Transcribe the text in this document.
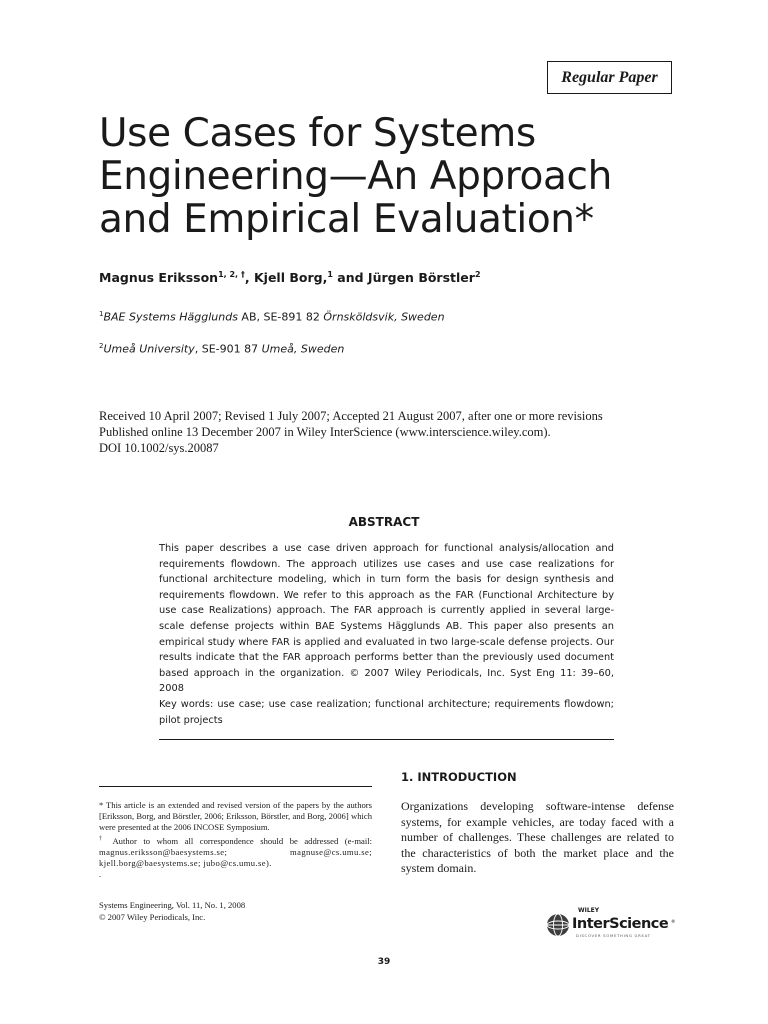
Regular Paper
Use Cases for Systems
Engineering—An Approach
and Empirical Evaluation*
Magnus Eriksson$^{1, 2, \dagger}$, Kjell Borg,$^1$ and Jürgen Börstler$^2$
$^1$BAE Systems Hägglunds AB, SE-891 82 Örnsköldsvik, Sweden
$^2$Umeå University, SE-901 87 Umeå, Sweden
Received 10 April 2007; Revised 1 July 2007; Accepted 21 August 2007, after one or more revisions
Published online 13 December 2007 in Wiley InterScience (www.interscience.wiley.com).
DOI 10.1002/sys.20087
ABSTRACT

This paper describes a use case driven approach for functional analysis/allocation and requirements flowdown. The approach utilizes use cases and use case realizations for functional architecture modeling, which in turn form the basis for design synthesis and requirements flowdown. We refer to this approach as the FAR (Functional Architecture by use case Realizations) approach. The FAR approach is currently applied in several large-scale defense projects within BAE Systems Hägglunds AB. This paper also presents an empirical study where FAR is applied and evaluated in two large-scale defense projects. Our results indicate that the FAR approach performs better than the previously used document based approach in the organization. © 2007 Wiley Periodicals, Inc. Syst Eng 11: 39–60, 2008

Key words: use case; use case realization; functional architecture; requirements flowdown; pilot projects

1. INTRODUCTION

Organizations developing software-intense defense systems, for example vehicles, are today faced with a number of challenges. These challenges are related to the characteristics of both the market place and the system domain.

* This article is an extended and revised version of the papers by the authors [Eriksson, Borg, and Börstler, 2006; Eriksson, Börstler, and Borg, 2006] which were presented at the 2006 INCOSE Symposium.
† Author to whom all correspondence should be addressed (e-mail: magnus.eriksson@baesystems.se; magnuse@cs.umu.se; kjell.borg@baesystems.se; jubo@cs.umu.se).
.

Systems Engineering, Vol. 11, No. 1, 2008
© 2007 Wiley Periodicals, Inc.
WILEY
InterScience ®
DISCOVER SOMETHING GREAT
39
